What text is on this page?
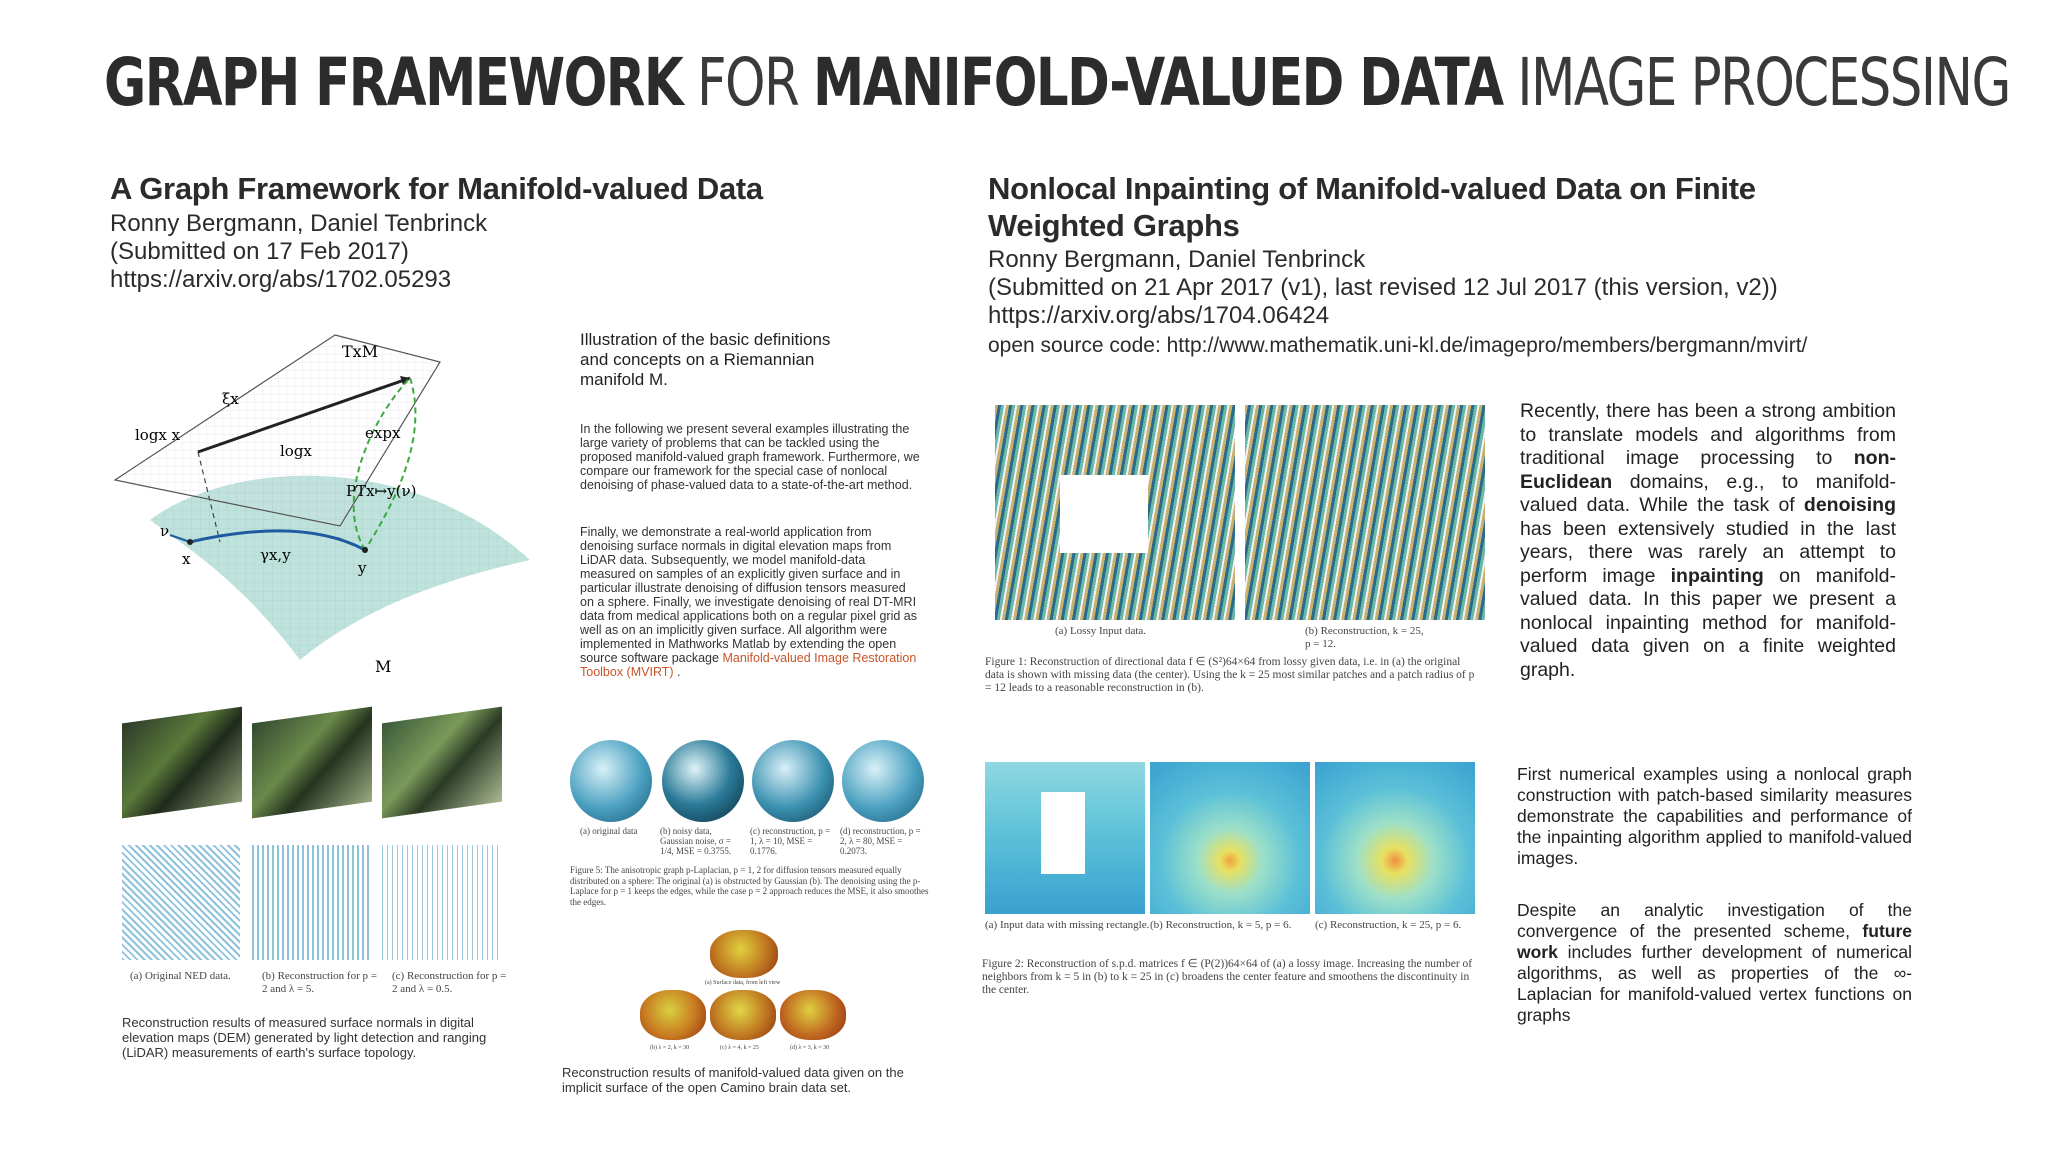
GRAPH FRAMEWORK FOR MANIFOLD-VALUED DATA IMAGE PROCESSING
A Graph Framework for Manifold-valued Data
Ronny Bergmann, Daniel Tenbrinck
(Submitted on 17 Feb 2017)
https://arxiv.org/abs/1702.05293
TxM
ξx
logx x	expx
logx
PTx↦y(ν)
ν
x	y
γx,y
M
Illustration of the basic definitions and concepts on a Riemannian manifold M.
In the following we present several examples illustrating the large variety of problems that can be tackled using the proposed manifold-valued graph framework. Furthermore, we compare our framework for the special case of nonlocal denoising of phase-valued data to a state-of-the-art method.
Finally, we demonstrate a real-world application from denoising surface normals in digital elevation maps from LiDAR data. Subsequently, we model manifold-data measured on samples of an explicitly given surface and in particular illustrate denoising of diffusion tensors measured on a sphere. Finally, we investigate denoising of real DT-MRI data from medical applications both on a regular pixel grid as well as on an implicitly given surface. All algorithm were implemented in Mathworks Matlab by extending the open source software package Manifold-valued Image Restoration Toolbox (MVIRT) .
(a) Original NED data.	(b) Reconstruction for p = 2 and λ = 5.
(c) Reconstruction for p = 2 and λ = 0.5.
Reconstruction results of measured surface normals in digital elevation maps (DEM) generated by light detection and ranging (LiDAR) measurements of earth's surface topology.
(a) original data	(b) noisy data, Gaussian noise, σ = 1/4, MSE = 0.3755.
(c) reconstruction, p = 1, λ = 10, MSE = 0.1776.
(d) reconstruction, p = 2, λ = 80, MSE = 0.2073.
Figure 5: The anisotropic graph p-Laplacian, p = 1, 2 for diffusion tensors measured equally distributed on a sphere: The original (a) is obstructed by Gaussian (b). The denoising using the p-Laplace for p = 1 keeps the edges, while the case p = 2 approach reduces the MSE, it also smoothes the edges.
(a) Surface data, from left view
(b) λ = 2, k = 30	(c) λ = 4, k = 25	(d) λ = 3, k = 30
Reconstruction results of manifold-valued data given on the implicit surface of the open Camino brain data set.
Nonlocal Inpainting of Manifold-valued Data on Finite
Weighted Graphs
Ronny Bergmann, Daniel Tenbrinck
(Submitted on 21 Apr 2017 (v1), last revised 12 Jul 2017 (this version, v2))
https://arxiv.org/abs/1704.06424
open source code: http://www.mathematik.uni-kl.de/imagepro/members/bergmann/mvirt/
(a) Lossy Input data.	(b) Reconstruction, k = 25, p = 12.
Figure 1: Reconstruction of directional data f ∈ (S²)64×64 from lossy given data, i.e. in (a) the original data is shown with missing data (the center). Using the k = 25 most similar patches and a patch radius of p = 12 leads to a reasonable reconstruction in (b).
Recently, there has been a strong ambition to translate models and algorithms from traditional image processing to non-Euclidean domains, e.g., to manifold-valued data. While the task of denoising has been extensively studied in the last years, there was rarely an attempt to perform image inpainting on manifold-valued data. In this paper we present a nonlocal inpainting method for manifold-valued data given on a finite weighted graph.
(a) Input data with missing rectangle. (b) Reconstruction, k = 5, p = 6.	(c) Reconstruction, k = 25, p = 6.
Figure 2: Reconstruction of s.p.d. matrices f ∈ (P(2))64×64 of (a) a lossy image. Increasing the number of neighbors from k = 5 in (b) to k = 25 in (c) broadens the center feature and smoothens the discontinuity in the center.
First numerical examples using a nonlocal graph construction with patch-based similarity measures demonstrate the capabilities and performance of the inpainting algorithm applied to manifold-valued images.
Despite an analytic investigation of the convergence of the presented scheme, future work includes further development of numerical algorithms, as well as properties of the ∞-Laplacian for manifold-valued vertex functions on graphs
